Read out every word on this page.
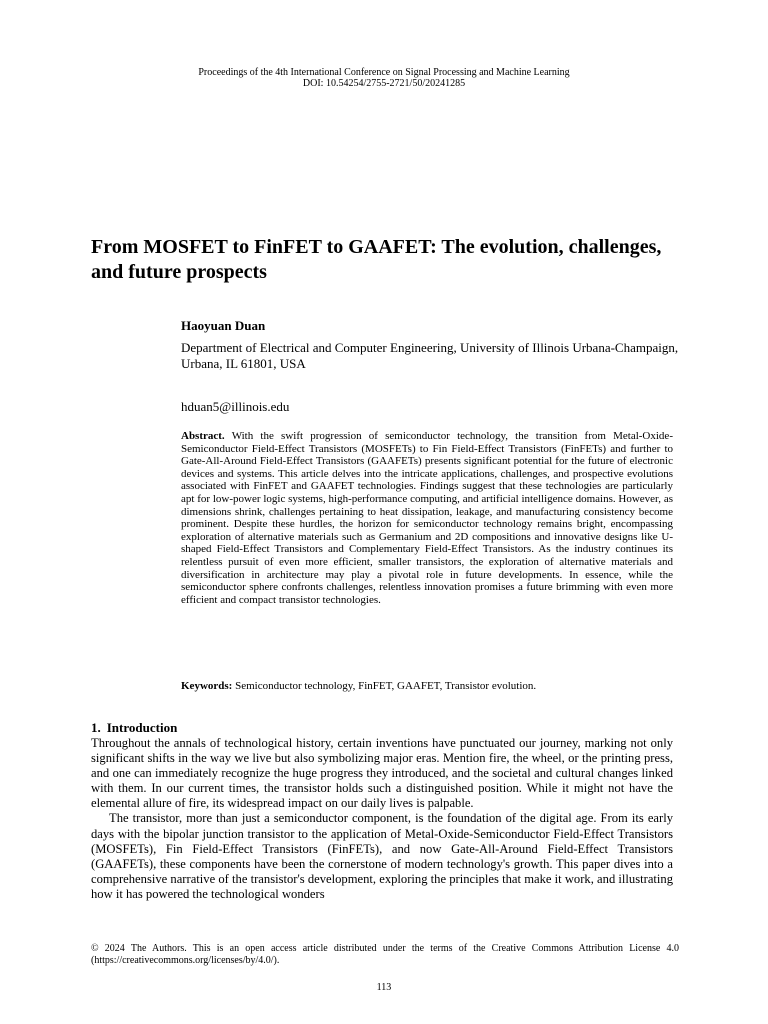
Proceedings of the 4th International Conference on Signal Processing and Machine Learning
DOI: 10.54254/2755-2721/50/20241285
From MOSFET to FinFET to GAAFET: The evolution, challenges, and future prospects
Haoyuan Duan
Department of Electrical and Computer Engineering, University of Illinois Urbana-Champaign, Urbana, IL 61801, USA
hduan5@illinois.edu

Abstract. With the swift progression of semiconductor technology, the transition from Metal-Oxide-Semiconductor Field-Effect Transistors (MOSFETs) to Fin Field-Effect Transistors (FinFETs) and further to Gate-All-Around Field-Effect Transistors (GAAFETs) presents significant potential for the future of electronic devices and systems. This article delves into the intricate applications, challenges, and prospective evolutions associated with FinFET and GAAFET technologies. Findings suggest that these technologies are particularly apt for low-power logic systems, high-performance computing, and artificial intelligence domains. However, as dimensions shrink, challenges pertaining to heat dissipation, leakage, and manufacturing consistency become prominent. Despite these hurdles, the horizon for semiconductor technology remains bright, encompassing exploration of alternative materials such as Germanium and 2D compositions and innovative designs like U-shaped Field-Effect Transistors and Complementary Field-Effect Transistors. As the industry continues its relentless pursuit of even more efficient, smaller transistors, the exploration of alternative materials and diversification in architecture may play a pivotal role in future developments. In essence, while the semiconductor sphere confronts challenges, relentless innovation promises a future brimming with even more efficient and compact transistor technologies.

Keywords: Semiconductor technology, FinFET, GAAFET, Transistor evolution.

1. Introduction

Throughout the annals of technological history, certain inventions have punctuated our journey, marking not only significant shifts in the way we live but also symbolizing major eras. Mention fire, the wheel, or the printing press, and one can immediately recognize the huge progress they introduced, and the societal and cultural changes linked with them. In our current times, the transistor holds such a distinguished position. While it might not have the elemental allure of fire, its widespread impact on our daily lives is palpable.

The transistor, more than just a semiconductor component, is the foundation of the digital age. From its early days with the bipolar junction transistor to the application of Metal-Oxide-Semiconductor Field-Effect Transistors (MOSFETs), Fin Field-Effect Transistors (FinFETs), and now Gate-All-Around Field-Effect Transistors (GAAFETs), these components have been the cornerstone of modern technology's growth. This paper dives into a comprehensive narrative of the transistor's development, exploring the principles that make it work, and illustrating how it has powered the technological wonders

© 2024 The Authors. This is an open access article distributed under the terms of the Creative Commons Attribution License 4.0 (https://creativecommons.org/licenses/by/4.0/).

113
